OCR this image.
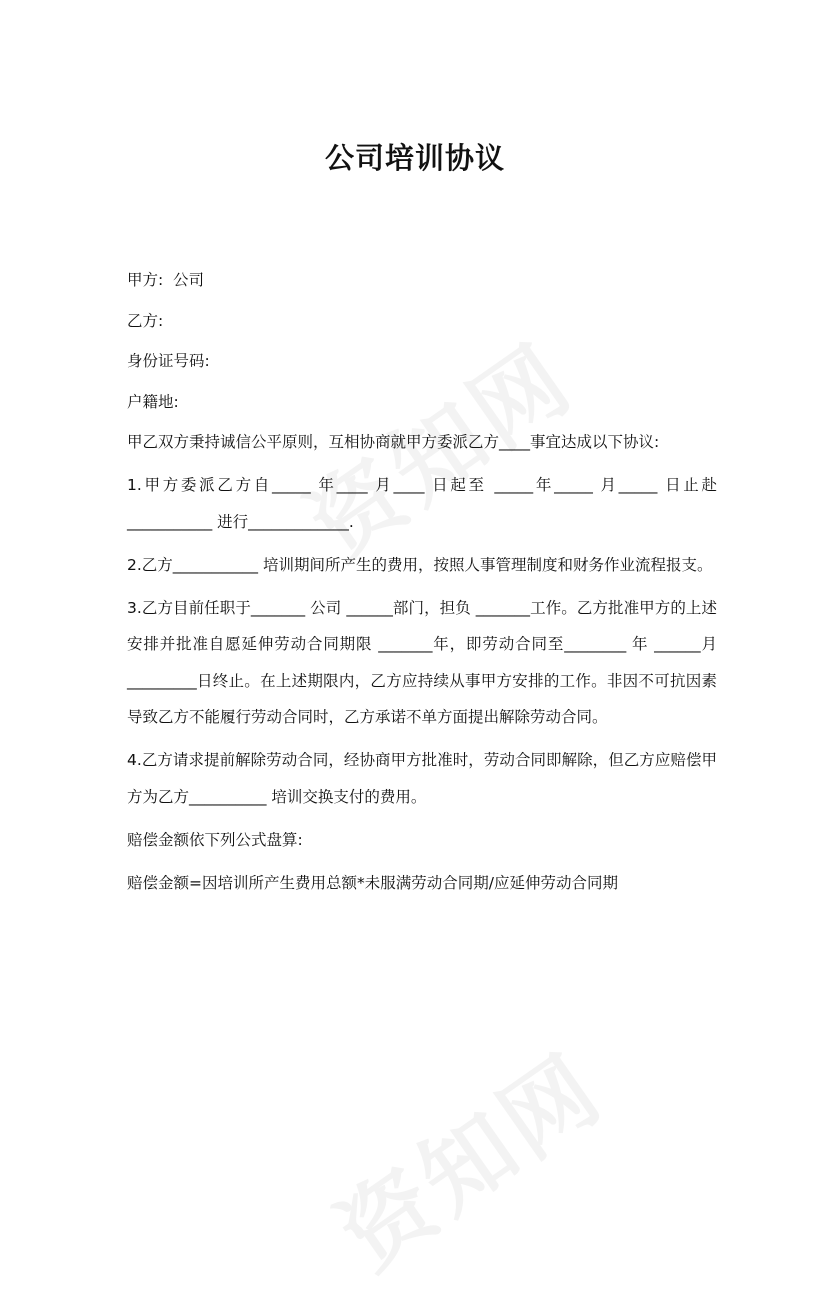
公司培训协议

甲方: 公司

乙方:

身份证号码:

户籍地:

甲乙双方秉持诚信公平原则，互相协商就甲方委派乙方____事宜达成以下协议:

1.甲方委派乙方自_____ 年____ 月____ 日起至 _____年_____ 月_____ 日止赴___________ 进行_____________.

2.乙方___________ 培训期间所产生的费用，按照人事管理制度和财务作业流程报支。

3.乙方目前任职于_______ 公司 ______部门，担负 _______工作。乙方批准甲方的上述安排并批准自愿延伸劳动合同期限 _______年，即劳动合同至________ 年 ______月_________日终止。在上述期限内，乙方应持续从事甲方安排的工作。非因不可抗因素导致乙方不能履行劳动合同时，乙方承诺不单方面提出解除劳动合同。

4.乙方请求提前解除劳动合同，经协商甲方批准时，劳动合同即解除，但乙方应赔偿甲方为乙方__________ 培训交换支付的费用。

赔偿金额依下列公式盘算:

赔偿金额=因培训所产生费用总额*未服满劳动合同期/应延伸劳动合同期
